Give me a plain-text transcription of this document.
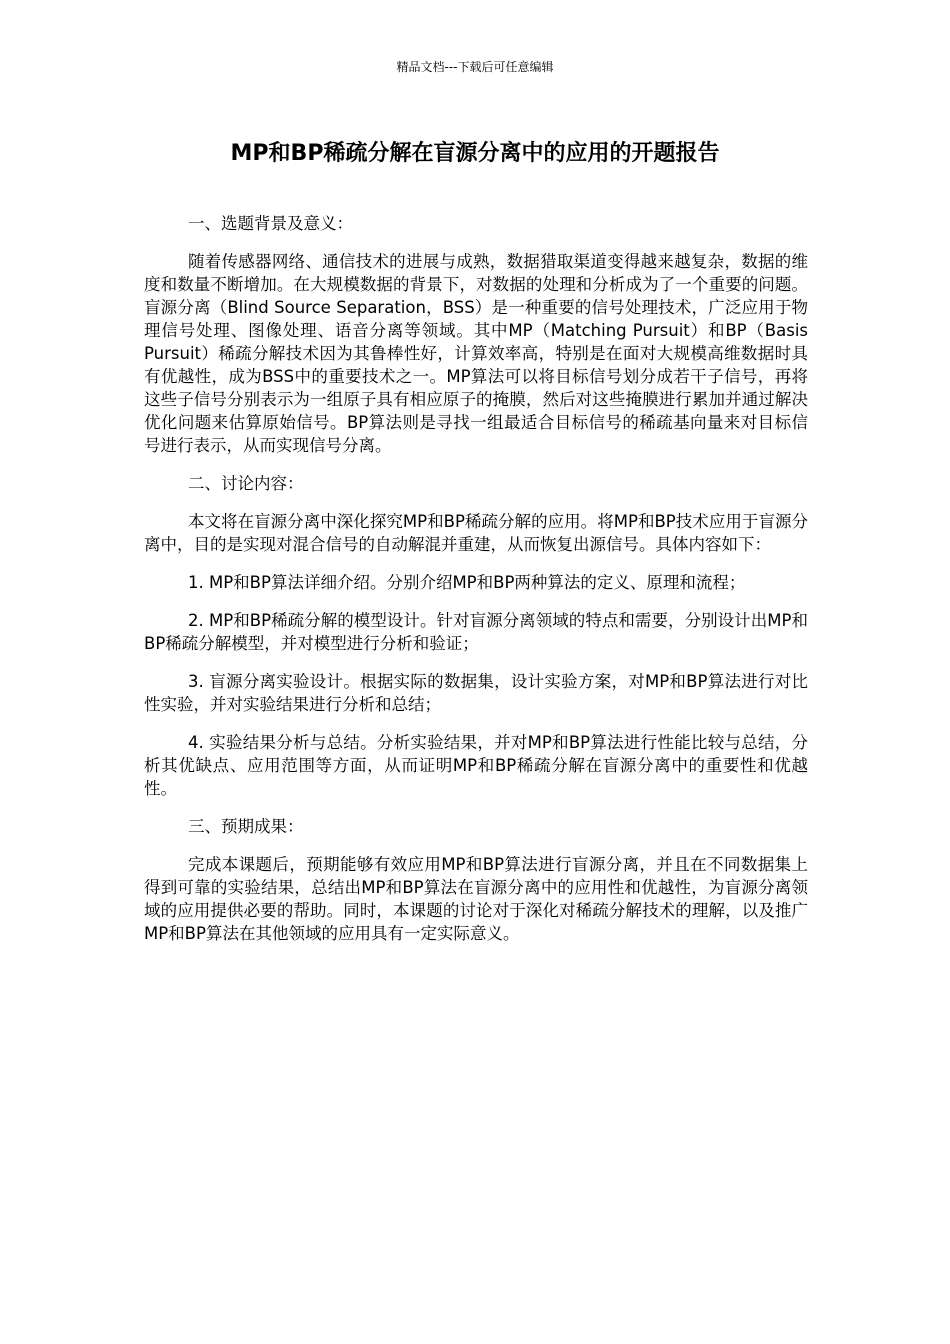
精品文档---下载后可任意编辑
MP和BP稀疏分解在盲源分离中的应用的开题报告

一、选题背景及意义：

随着传感器网络、通信技术的进展与成熟，数据猎取渠道变得越来越复杂，数据的维度和数量不断增加。在大规模数据的背景下，对数据的处理和分析成为了一个重要的问题。盲源分离（Blind Source Separation，BSS）是一种重要的信号处理技术，广泛应用于物理信号处理、图像处理、语音分离等领域。其中MP（Matching Pursuit）和BP（Basis Pursuit）稀疏分解技术因为其鲁棒性好，计算效率高，特别是在面对大规模高维数据时具有优越性，成为BSS中的重要技术之一。MP算法可以将目标信号划分成若干子信号，再将这些子信号分别表示为一组原子具有相应原子的掩膜，然后对这些掩膜进行累加并通过解决优化问题来估算原始信号。BP算法则是寻找一组最适合目标信号的稀疏基向量来对目标信号进行表示，从而实现信号分离。

二、讨论内容：

本文将在盲源分离中深化探究MP和BP稀疏分解的应用。将MP和BP技术应用于盲源分离中，目的是实现对混合信号的自动解混并重建，从而恢复出源信号。具体内容如下：

1. MP和BP算法详细介绍。分别介绍MP和BP两种算法的定义、原理和流程；

2. MP和BP稀疏分解的模型设计。针对盲源分离领域的特点和需要，分别设计出MP和BP稀疏分解模型，并对模型进行分析和验证；

3. 盲源分离实验设计。根据实际的数据集，设计实验方案，对MP和BP算法进行对比性实验，并对实验结果进行分析和总结；

4. 实验结果分析与总结。分析实验结果，并对MP和BP算法进行性能比较与总结，分析其优缺点、应用范围等方面，从而证明MP和BP稀疏分解在盲源分离中的重要性和优越性。

三、预期成果：

完成本课题后，预期能够有效应用MP和BP算法进行盲源分离，并且在不同数据集上得到可靠的实验结果，总结出MP和BP算法在盲源分离中的应用性和优越性，为盲源分离领域的应用提供必要的帮助。同时，本课题的讨论对于深化对稀疏分解技术的理解，以及推广MP和BP算法在其他领域的应用具有一定实际意义。
